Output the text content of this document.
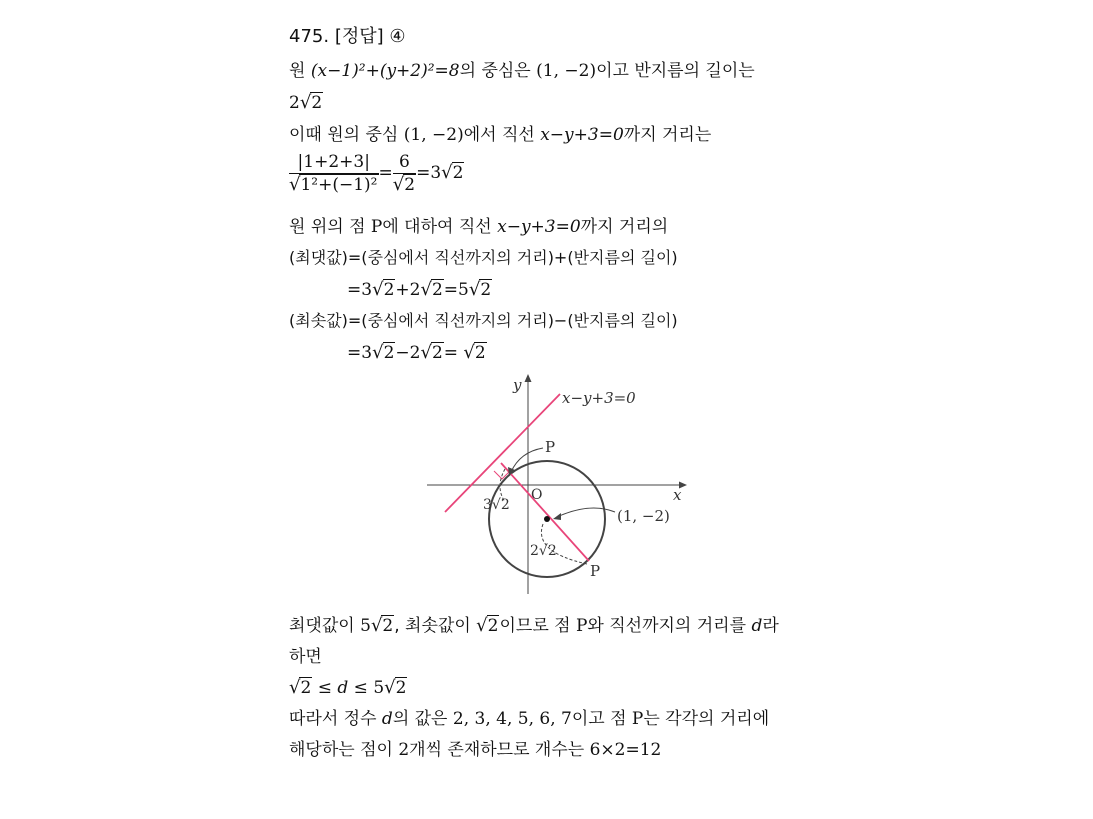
475. [정답] ④
원 (x−1)²+(y+2)²=8의 중심은 (1, −2)이고 반지름의 길이는
2√2
이때 원의 중심 (1, −2)에서 직선 x−y+3=0까지 거리는
$\frac{|1+2+3|}{\text{√1²+(−1)²}} = \frac{6}{√2} =3√2$
원 위의 점 P에 대하여 직선 x−y+3=0까지 거리의
(최댓값)=(중심에서 직선까지의 거리)+(반지름의 길이)
=3√2+2√2=5√2
(최솟값)=(중심에서 직선까지의 거리)−(반지름의 길이)
=3√2−2√2= √2
y
x
O
x−y+3=0
(1, −2)
P
P
3√2
2√2
최댓값이 5√2, 최솟값이 √2이므로 점 P와 직선까지의 거리를 d라
하면
√2 ≤ d ≤ 5√2
따라서 정수 d의 값은 2, 3, 4, 5, 6, 7이고 점 P는 각각의 거리에
해당하는 점이 2개씩 존재하므로 개수는 6×2=12
